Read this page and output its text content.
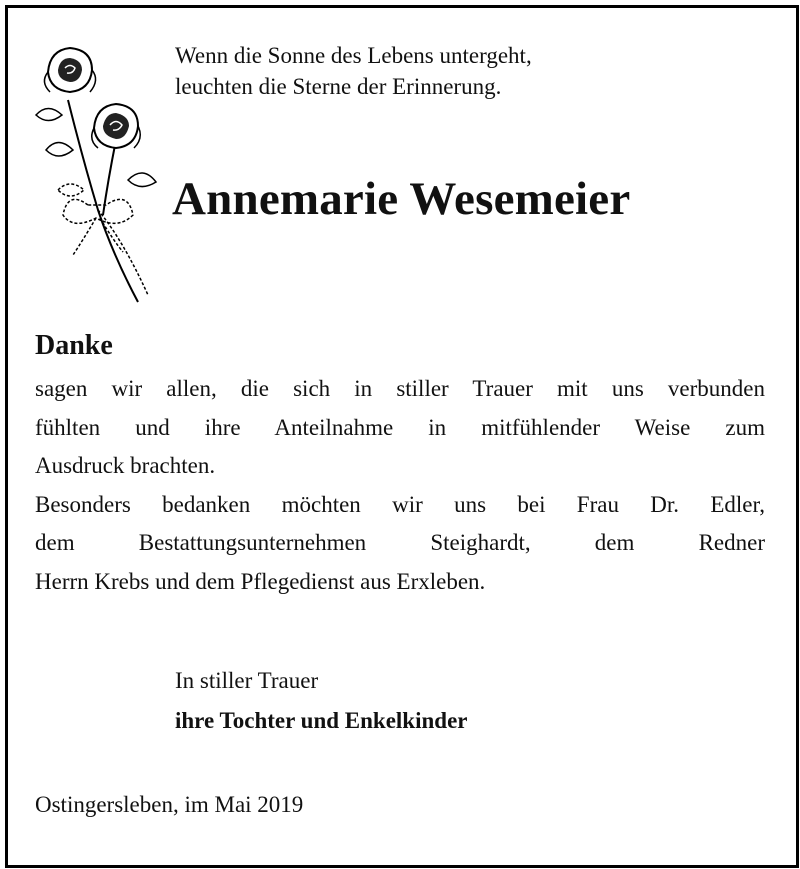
Wenn die Sonne des Lebens untergeht,
leuchten die Sterne der Erinnerung.
Annemarie Wesemeier
Danke

sagen wir allen, die sich in stiller Trauer mit uns verbunden

fühlten und ihre Anteilnahme in mitfühlender Weise zum

Ausdruck brachten.

Besonders bedanken möchten wir uns bei Frau Dr. Edler,

dem Bestattungsunternehmen Steighardt, dem Redner

Herrn Krebs und dem Pflegedienst aus Erxleben.

In stiller Trauer
ihre Tochter und Enkelkinder
Ostingersleben, im Mai 2019
